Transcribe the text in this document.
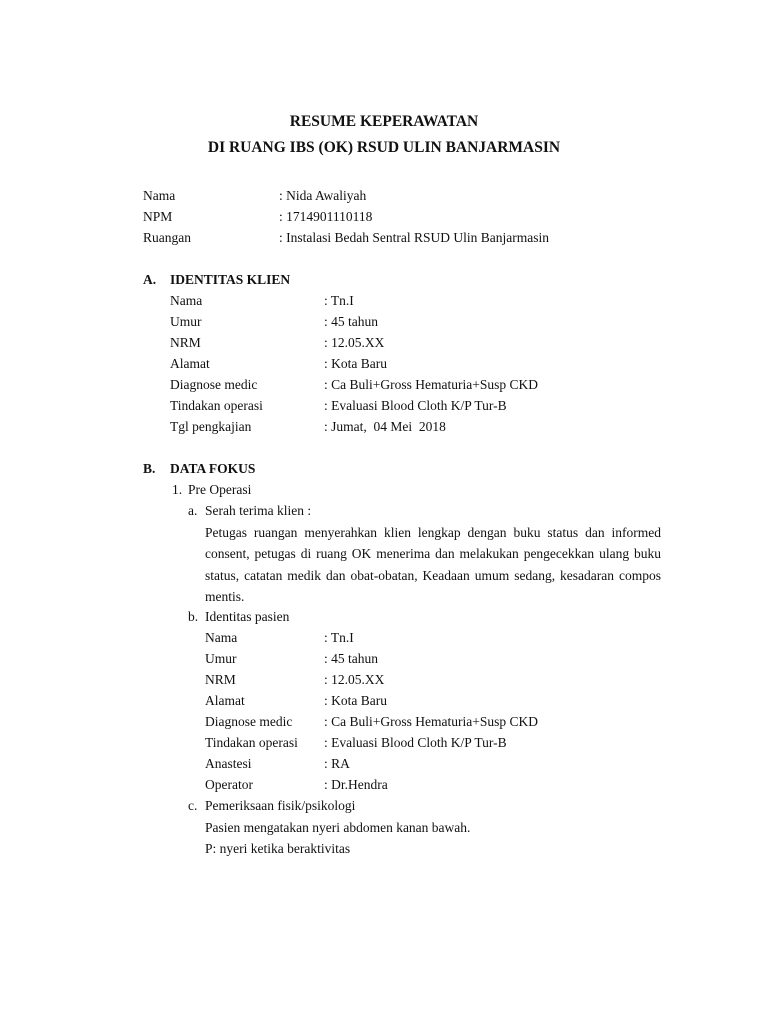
RESUME KEPERAWATAN
DI RUANG IBS (OK) RSUD ULIN BANJARMASIN
Nama	: Nida Awaliyah
NPM	: 1714901110118
Ruangan	: Instalasi Bedah Sentral RSUD Ulin Banjarmasin
A. IDENTITAS KLIEN
Nama	: Tn.I
Umur	: 45 tahun
NRM	: 12.05.XX
Alamat	: Kota Baru
Diagnose medic	: Ca Buli+Gross Hematuria+Susp CKD
Tindakan operasi	: Evaluasi Blood Cloth K/P Tur-B
Tgl pengkajian	: Jumat,  04 Mei  2018
B. DATA FOKUS
1. Pre Operasi
a. Serah terima klien :
Petugas ruangan menyerahkan klien lengkap dengan buku status dan informed consent, petugas di ruang OK menerima dan melakukan pengecekkan ulang buku status, catatan medik dan obat-obatan, Keadaan umum sedang, kesadaran compos mentis.
b. Identitas pasien
Nama	: Tn.I
Umur	: 45 tahun
NRM	: 12.05.XX
Alamat	: Kota Baru
Diagnose medic : Ca Buli+Gross Hematuria+Susp CKD
Tindakan operasi : Evaluasi Blood Cloth K/P Tur-B
Anastesi	: RA
Operator	: Dr.Hendra
c. Pemeriksaan fisik/psikologi
Pasien mengatakan nyeri abdomen kanan bawah.
P: nyeri ketika beraktivitas
